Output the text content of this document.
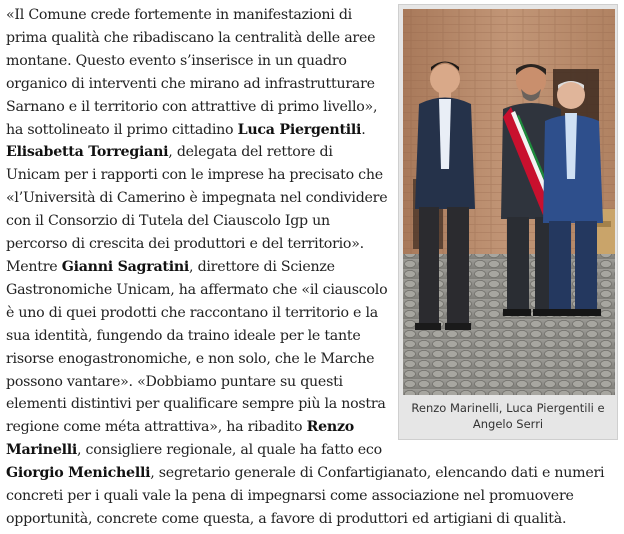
Renzo Marinelli, Luca Piergentili e Angelo Serri
«Il Comune crede fortemente in manifestazioni di prima qualità che ribadiscano la centralità delle aree montane. Questo evento s’inserisce in un quadro organico di interventi che mirano ad infrastrutturare Sarnano e il territorio con attrattive di primo livello», ha sottolineato il primo cittadino Luca Piergentili. Elisabetta Torregiani, delegata del rettore di Unicam per i rapporti con le imprese ha precisato che «l’Università di Camerino è impegnata nel condividere con il Consorzio di Tutela del Ciauscolo Igp un percorso di crescita dei produttori e del territorio». Mentre Gianni Sagratini, direttore di Scienze Gastronomiche Unicam, ha affermato che «il ciauscolo è uno di quei prodotti che raccontano il territorio e la sua identità, fungendo da traino ideale per le tante risorse enogastronomiche, e non solo, che le Marche possono vantare». «Dobbiamo puntare su questi elementi distintivi per qualificare sempre più la nostra regione come méta attrattiva», ha ribadito Renzo Marinelli, consigliere regionale, al quale ha fatto eco Giorgio Menichelli, segretario generale di Confartigianato, elencando dati e numeri concreti per i quali vale la pena di impegnarsi come associazione nel promuovere opportunità, concrete come questa, a favore di produttori ed artigiani di qualità.
